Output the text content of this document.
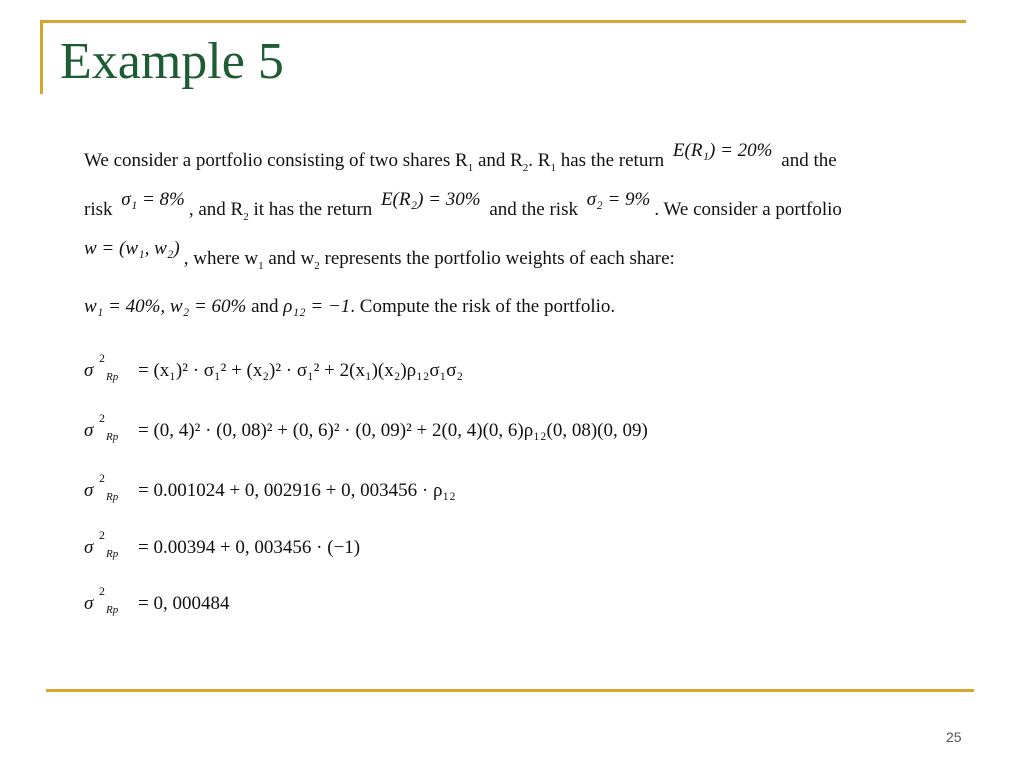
Example 5
We consider a portfolio consisting of two shares $R_1$ and $R_2$. $R_1$ has the return E(R₁) = 20% and the
risk σ₁ = 8% , and $R_2$ it has the return E(R₂) = 30% and the risk σ₂ = 9% . We consider a portfolio
w = (w₁, w₂) , where $w_1$ and $w_2$ represents the portfolio weights of each share:
w₁ = 40%, w₂ = 60% and ρ₁₂ = −1. Compute the risk of the portfolio.
σ
2
Rp = (x₁)² · σ₁² + (x₂)² · σ₁² + 2(x₁)(x₂)ρ₁₂σ₁σ₂
σ
2
Rp = (0, 4)² · (0, 08)² + (0, 6)² · (0, 09)² + 2(0, 4)(0, 6)ρ₁₂(0, 08)(0, 09)
σ
2
Rp = 0.001024 + 0, 002916 + 0, 003456 · ρ₁₂
σ
2
Rp = 0.00394 + 0, 003456 · (−1)
σ
2
Rp = 0, 000484
25
